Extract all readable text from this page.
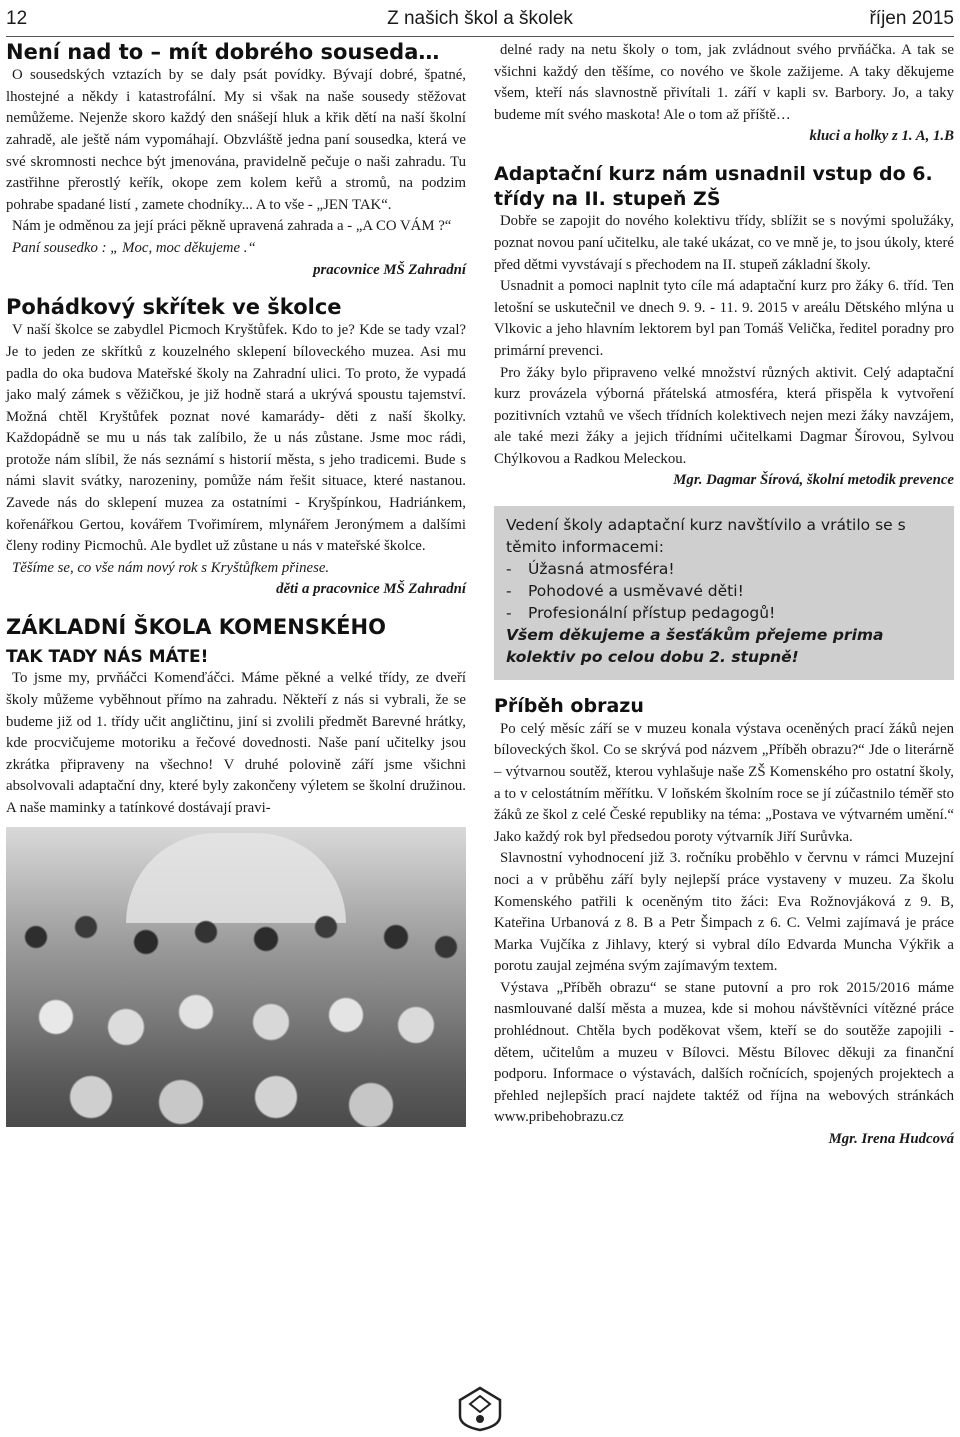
12	Z našich škol a školek	říjen 2015
Není nad to – mít dobrého souseda…

O sousedských vztazích by se daly psát povídky. Bývají dobré, špatné, lhostejné a někdy i katastrofální. My si však na naše sousedy stěžovat nemůžeme. Nejenže skoro každý den snášejí hluk a křik dětí na naší školní zahradě, ale ještě nám vypomáhají. Obzvláště jedna paní sousedka, která ve své skromnosti nechce být jmenována, pravidelně pečuje o naši zahradu. Tu zastřihne přerostlý keřík, okope zem kolem keřů a stromů, na podzim pohrabe spadané listí , zamete chodníky... A to vše - „JEN TAK“.

Nám je odměnou za její práci pěkně upravená zahrada a - „A CO VÁM ?“

Paní sousedko : „ Moc, moc děkujeme .“

pracovnice MŠ Zahradní
Pohádkový skřítek ve školce

V naší školce se zabydlel Picmoch Kryštůfek. Kdo to je? Kde se tady vzal? Je to jeden ze skřítků z kouzelného sklepení bíloveckého muzea. Asi mu padla do oka budova Mateřské školy na Zahradní ulici. To proto, že vypadá jako malý zámek s věžičkou, je již hodně stará a ukrývá spoustu tajemství. Možná chtěl Kryštůfek poznat nové kamarády- děti z naší školky. Každopádně se mu u nás tak zalíbilo, že u nás zůstane. Jsme moc rádi, protože nám slíbil, že nás seznámí s historií města, s jeho tradicemi. Bude s námi slavit svátky, narozeniny, pomůže nám řešit situace, které nastanou. Zavede nás do sklepení muzea za ostatními - Kryšpínkou, Hadriánkem, kořenářkou Gertou, kovářem Tvořimírem, mlynářem Jeronýmem a dalšími členy rodiny Picmochů. Ale bydlet už zůstane u nás v mateřské školce.

Těšíme se, co vše nám nový rok s Kryštůfkem přinese.

děti a pracovnice MŠ Zahradní
ZÁKLADNÍ ŠKOLA KOMENSKÉHO
TAK TADY NÁS MÁTE!

To jsme my, prvňáčci Komenďáčci. Máme pěkné a velké třídy, ze dveří školy můžeme vyběhnout přímo na zahradu. Někteří z nás si vybrali, že se budeme již od 1. třídy učit angličtinu, jiní si zvolili předmět Barevné hrátky, kde procvičujeme motoriku a řečové dovednosti. Naše paní učitelky jsou zkrátka připraveny na všechno! V druhé polovině září jsme všichni absolvovali adaptační dny, které byly zakončeny výletem se školní družinou. A naše maminky a tatínkové dostávají pravi-

delné rady na netu školy o tom, jak zvládnout svého prvňáčka. A tak se všichni každý den těšíme, co nového ve škole zažijeme. A taky děkujeme všem, kteří nás slavnostně přivítali 1. září v kapli sv. Barbory. Jo, a taky budeme mít svého maskota! Ale o tom až příště…

kluci a holky z 1. A, 1.B
Adaptační kurz nám usnadnil vstup do 6. třídy na II. stupeň ZŠ

Dobře se zapojit do nového kolektivu třídy, sblížit se s novými spolužáky, poznat novou paní učitelku, ale také ukázat, co ve mně je, to jsou úkoly, které před dětmi vyvstávají s přechodem na II. stupeň základní školy.

Usnadnit a pomoci naplnit tyto cíle má adaptační kurz pro žáky 6. tříd. Ten letošní se uskutečnil ve dnech 9. 9. - 11. 9. 2015 v areálu Dětského mlýna u Vlkovic a jeho hlavním lektorem byl pan Tomáš Velička, ředitel poradny pro primární prevenci.

Pro žáky bylo připraveno velké množství různých aktivit. Celý adaptační kurz provázela výborná přátelská atmosféra, která přispěla k vytvoření pozitivních vztahů ve všech třídních kolektivech nejen mezi žáky navzájem, ale také mezi žáky a jejich třídními učitelkami Dagmar Šírovou, Sylvou Chýlkovou a Radkou Meleckou.

Mgr. Dagmar Šírová, školní metodik prevence
Vedení školy adaptační kurz navštívilo a vrátilo se s těmito informacemi:
-	Úžasná atmosféra!
-	Pohodové a usměvavé děti!
-	Profesionální přístup pedagogů!
Všem děkujeme a šesťákům přejeme prima kolektiv po celou dobu 2. stupně!
Příběh obrazu

Po celý měsíc září se v muzeu konala výstava oceněných prací žáků nejen bíloveckých škol. Co se skrývá pod názvem „Příběh obrazu?“ Jde o literárně – výtvarnou soutěž, kterou vyhlašuje naše ZŠ Komenského pro ostatní školy, a to v celostátním měřítku. V loňském školním roce se jí zúčastnilo téměř sto žáků ze škol z celé České republiky na téma: „Postava ve výtvarném umění.“ Jako každý rok byl předsedou poroty výtvarník Jiří Surůvka.

Slavnostní vyhodnocení již 3. ročníku proběhlo v červnu v rámci Muzejní noci a v průběhu září byly nejlepší práce vystaveny v muzeu. Za školu Komenského patřili k oceněným tito žáci: Eva Rožnovjáková z 9. B, Kateřina Urbanová z 8. B a Petr Šimpach z 6. C. Velmi zajímavá je práce Marka Vujčíka z Jihlavy, který si vybral dílo Edvarda Muncha Výkřik a porotu zaujal zejména svým zajímavým textem.

Výstava „Příběh obrazu“ se stane putovní a pro rok 2015/2016 máme nasmlouvané další města a muzea, kde si mohou návštěvníci vítězné práce prohlédnout. Chtěla bych poděkovat všem, kteří se do soutěže zapojili - dětem, učitelům a muzeu v Bílovci. Městu Bílovec děkuji za finanční podporu. Informace o výstavách, dalších ročnících, spojených projektech a přehled nejlepších prací najdete taktéž od října na webových stránkách www.pribehobrazu.cz

Mgr. Irena Hudcová
